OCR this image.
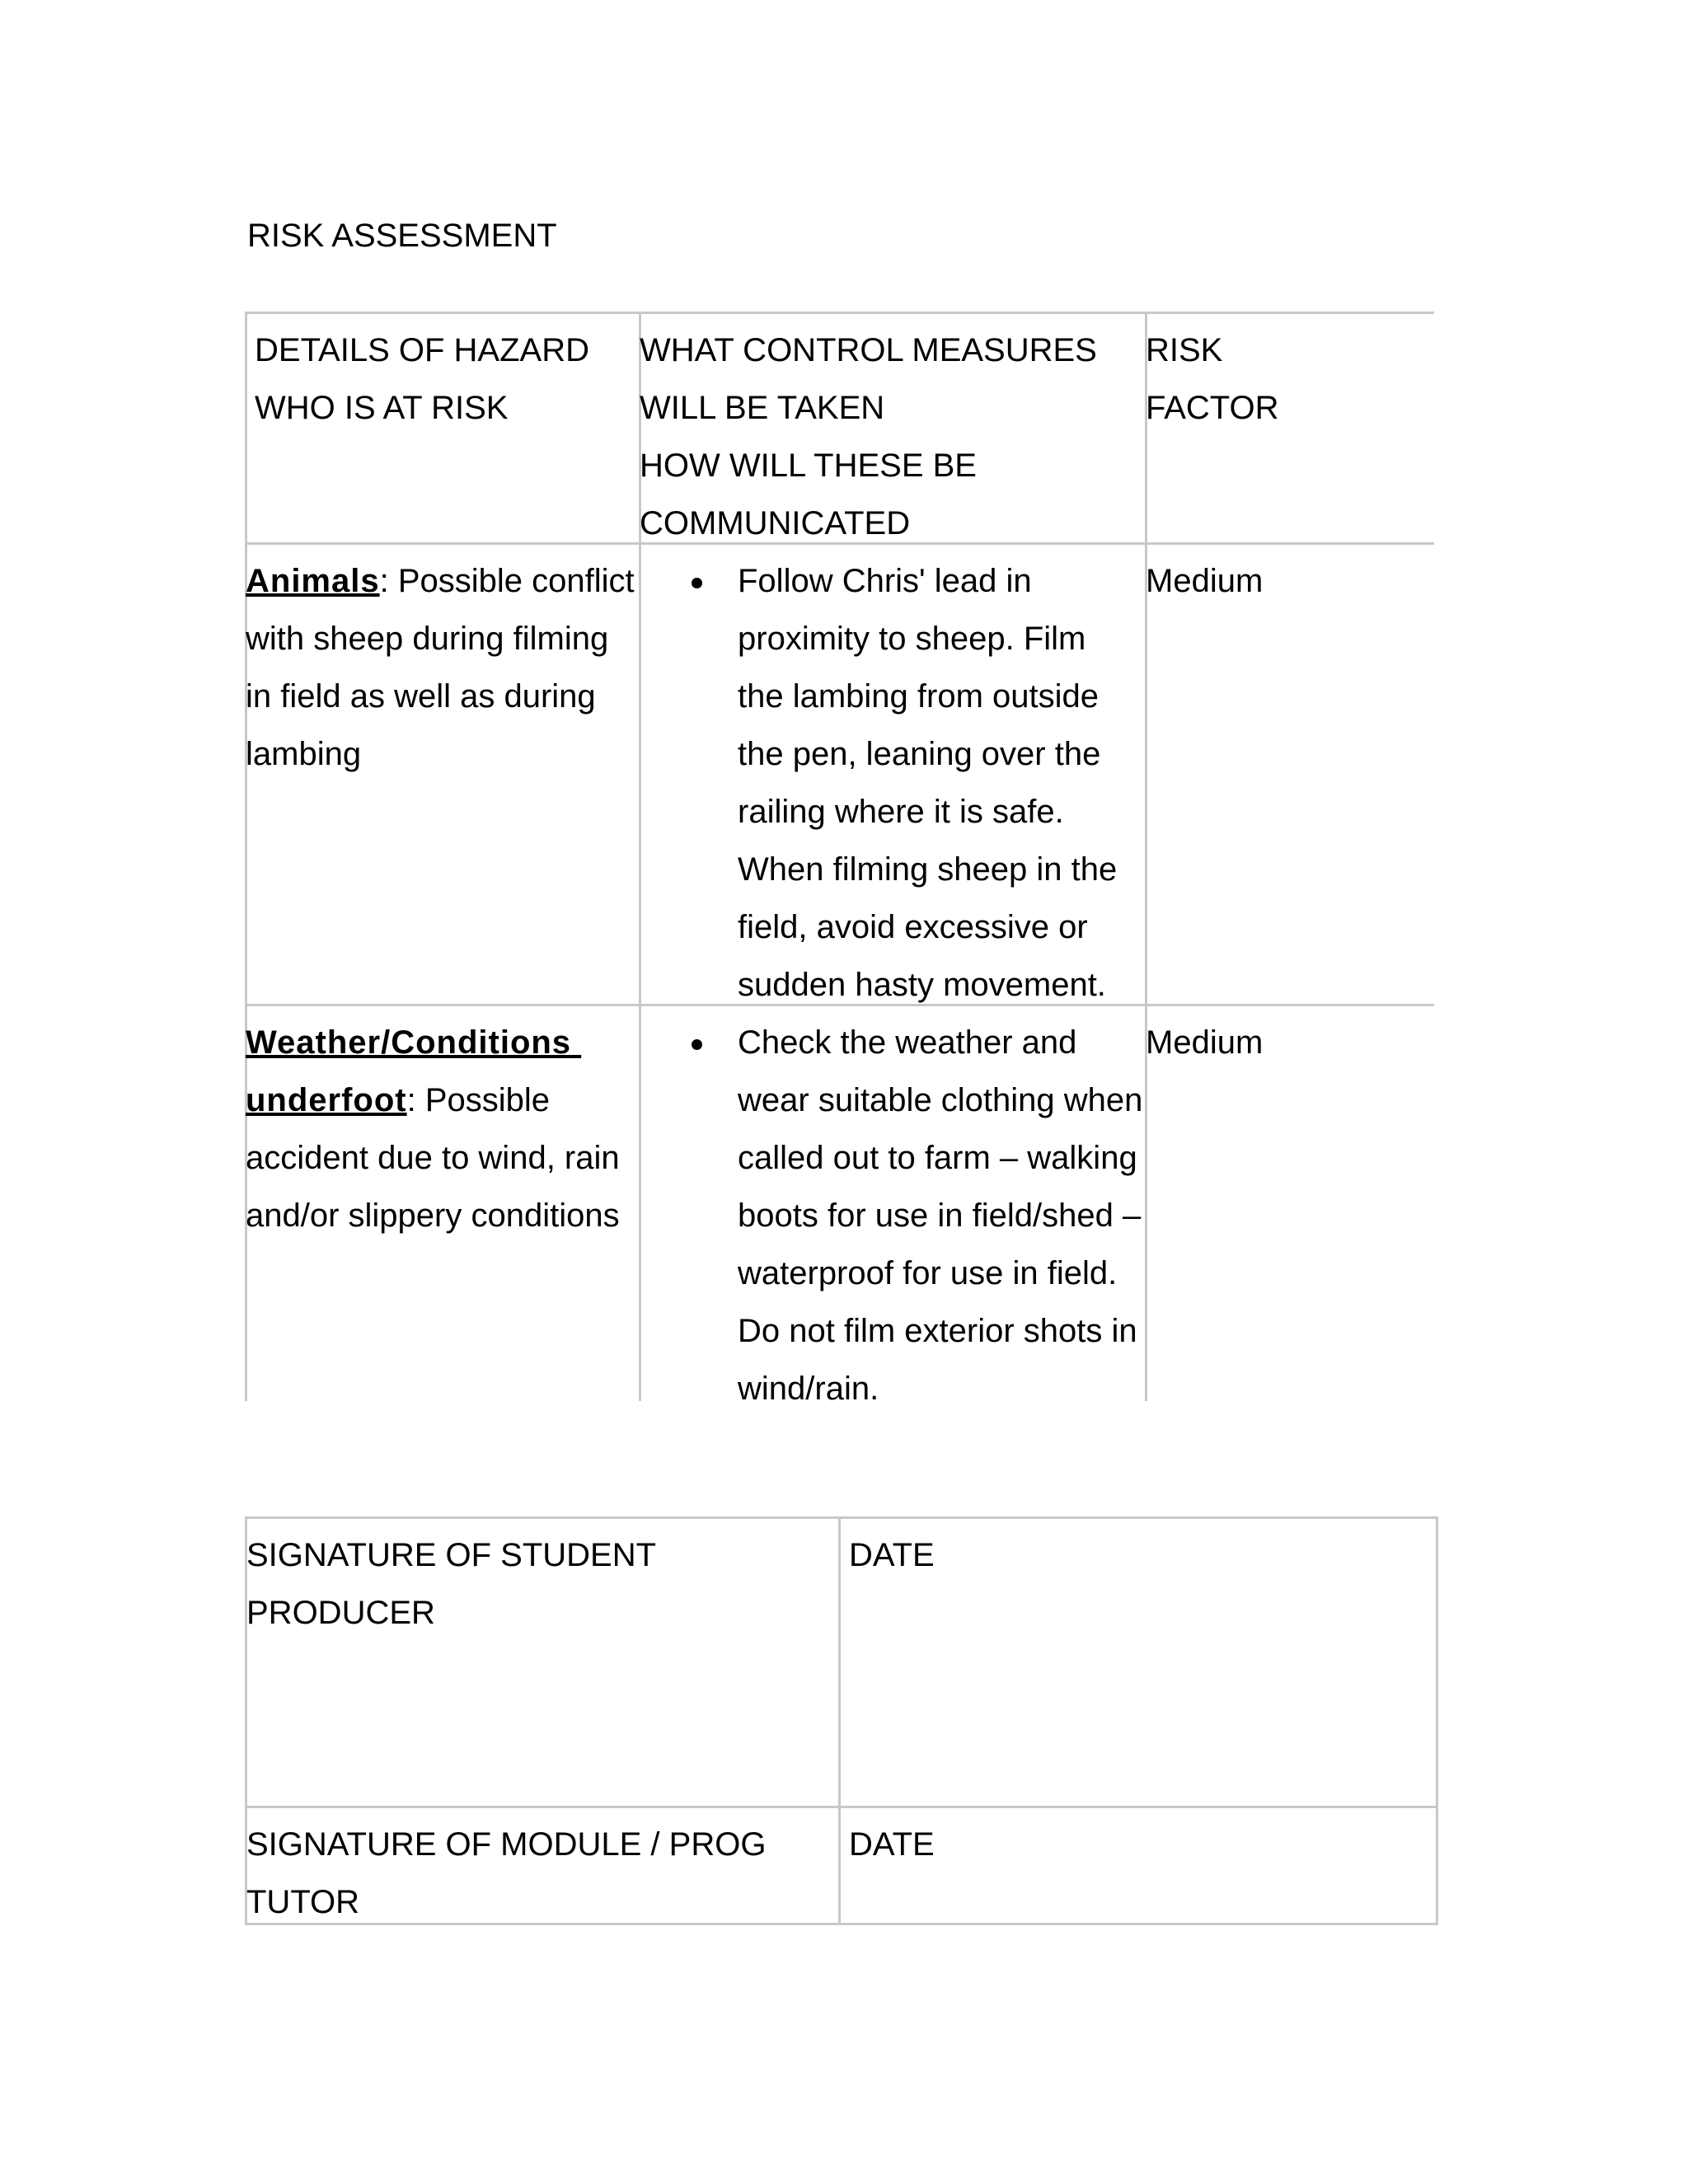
RISK ASSESSMENT
DETAILS OF HAZARD
WHO IS AT RISK
WHAT CONTROL MEASURES
WILL BE TAKEN
HOW WILL THESE BE
COMMUNICATED
RISK
FACTOR
Animals: Possible conflict
with sheep during filming
in field as well as during
lambing
Follow Chris' lead in
proximity to sheep. Film
the lambing from outside
the pen, leaning over the
railing where it is safe.
When filming sheep in the
field, avoid excessive or
sudden hasty movement.
Medium
Weather/Conditions
underfoot: Possible
accident due to wind, rain
and/or slippery conditions
Check the weather and
wear suitable clothing when
called out to farm – walking
boots for use in field/shed –
waterproof for use in field.
Do not film exterior shots in
wind/rain.
Medium
SIGNATURE OF STUDENT
PRODUCER
DATE
SIGNATURE OF MODULE / PROG
TUTOR
DATE
